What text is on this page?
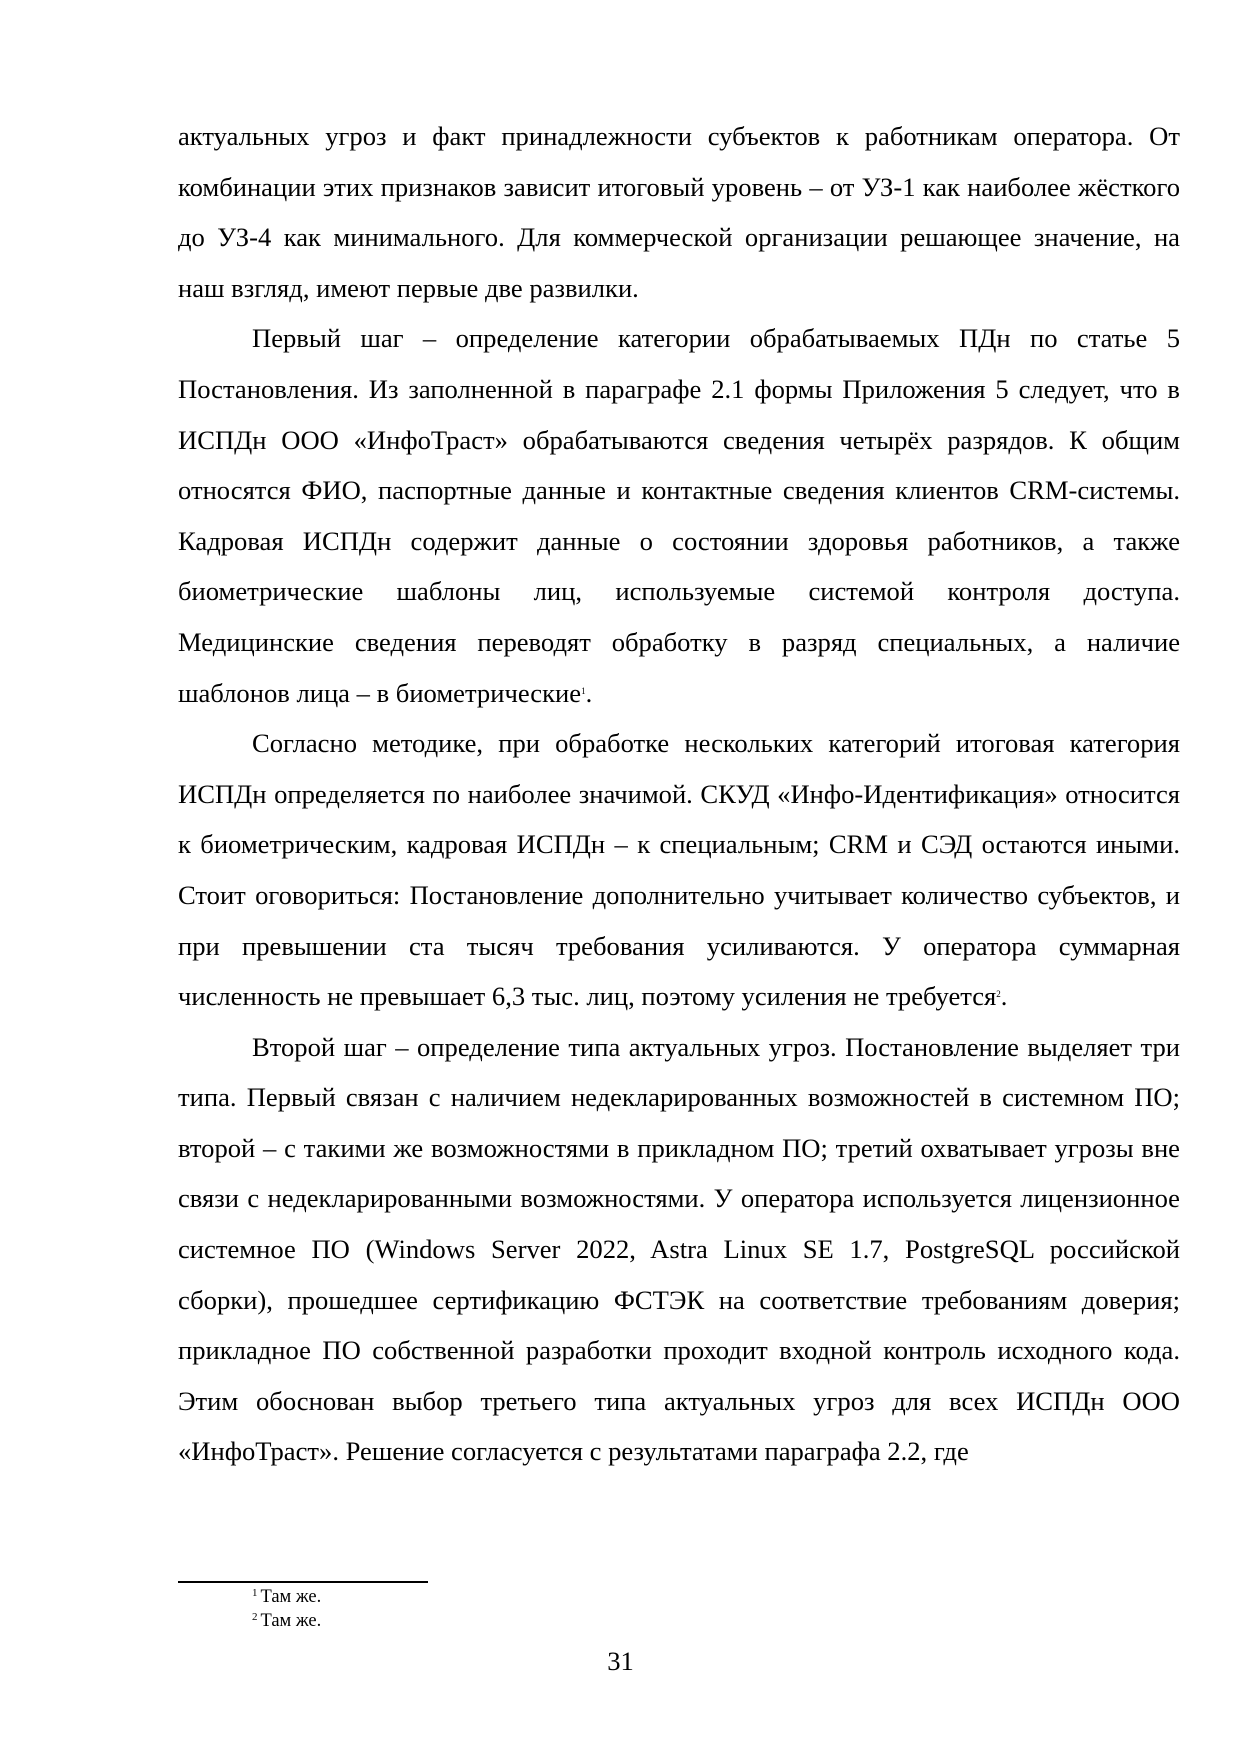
актуальных угроз и факт принадлежности субъектов к работникам оператора. От комбинации этих признаков зависит итоговый уровень – от УЗ-1 как наиболее жёсткого до УЗ-4 как минимального. Для коммерческой организации решающее значение, на наш взгляд, имеют первые две развилки.

Первый шаг – определение категории обрабатываемых ПДн по статье 5 Постановления. Из заполненной в параграфе 2.1 формы Приложения 5 следует, что в ИСПДн ООО «ИнфоТраст» обрабатываются сведения четырёх разрядов. К общим относятся ФИО, паспортные данные и контактные сведения клиентов CRM-системы. Кадровая ИСПДн содержит данные о состоянии здоровья работников, а также биометрические шаблоны лиц, используемые системой контроля доступа. Медицинские сведения переводят обработку в разряд специальных, а наличие шаблонов лица – в биометрические$^1$.

Согласно методике, при обработке нескольких категорий итоговая категория ИСПДн определяется по наиболее значимой. СКУД «Инфо-Идентификация» относится к биометрическим, кадровая ИСПДн – к специальным; CRM и СЭД остаются иными. Стоит оговориться: Постановление дополнительно учитывает количество субъектов, и при превышении ста тысяч требования усиливаются. У оператора суммарная численность не превышает 6,3 тыс. лиц, поэтому усиления не требуется$^2$.

Второй шаг – определение типа актуальных угроз. Постановление выделяет три типа. Первый связан с наличием недекларированных возможностей в системном ПО; второй – с такими же возможностями в прикладном ПО; третий охватывает угрозы вне связи с недекларированными возможностями. У оператора используется лицензионное системное ПО (Windows Server 2022, Astra Linux SE 1.7, PostgreSQL российской сборки), прошедшее сертификацию ФСТЭК на соответствие требованиям доверия; прикладное ПО собственной разработки проходит входной контроль исходного кода. Этим обоснован выбор третьего типа актуальных угроз для всех ИСПДн ООО «ИнфоТраст». Решение согласуется с результатами параграфа 2.2, где

$^1$ Там же.

$^2$ Там же.

31
